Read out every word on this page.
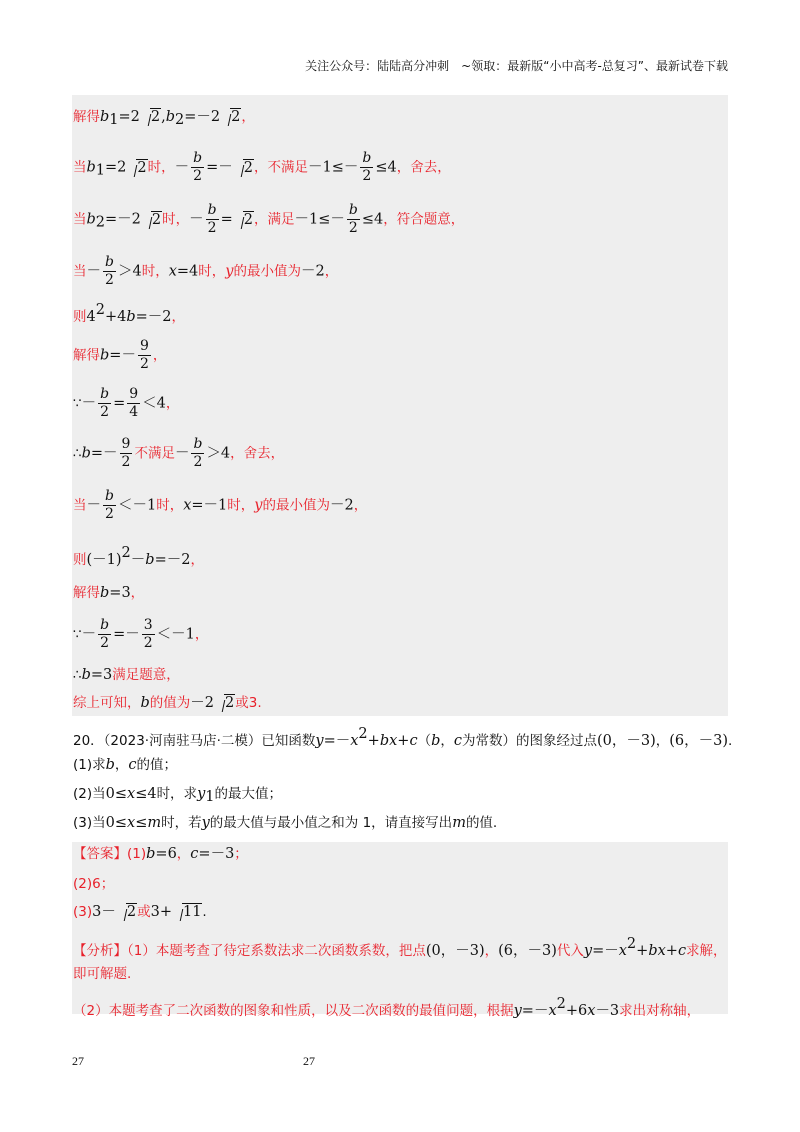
关注公众号：陆陆高分冲刺　~领取：最新版“小中高考-总复习”、最新试卷下载
解得$b_1=2$ $2,b_2=-2$ 2，
当$b_1=2$ 2时，－ $\frac{b}{2} =- 2$，不满足$-1\le- \frac{b}{2} \le 4$，舍去，
当$b_2=-2$ 2时，－ $\frac{b}{2} = 2$，满足$-1\le- \frac{b}{2} \le 4$，符合题意，
当－ $\frac{b}{2} >4$时，x=4时，y的最小值为－2，
则$4^2+4b=-2$，
解得$b=- \frac{9}{2}$ ，
∵－ $\frac{b}{2} = \frac{9}{4} <4$，
∴b=－ $\frac{9}{2}$ 不满足－ $\frac{b}{2} >4$，舍去，
当－ $\frac{b}{2} <-1$时，x=－1时，y的最小值为－2，
则$(-1)^2-b=-2$，
解得b=3，
∵－ $\frac{b}{2} =- \frac{3}{2} <-1$，
∴b=3满足题意，
综上可知，b的值为－2 2或3.
20．（2023·河南驻马店·二模）已知函数$y=-x^2+bx+c(b$，c为常数）的图象经过点(0，－3)，(6，－3).
(1)求b，c的值；
(2)当0≤x≤4时，求$y_1$的最大值；
(3)当0≤x≤m时，若y的最大值与最小值之和为 1，请直接写出m的值.
【答案】(1)b=6，c=－3；
(2)6；
(3)3－ 2或3+ 11.
【分析】（1）本题考查了待定系数法求二次函数系数，把点(0，－3)，(6，－3)代入$y=-x^2+bx+c$求解，
即可解题.
（2）本题考查了二次函数的图象和性质，以及二次函数的最值问题，根据$y=-x^2+6x-3$求出对称轴，
27	27
